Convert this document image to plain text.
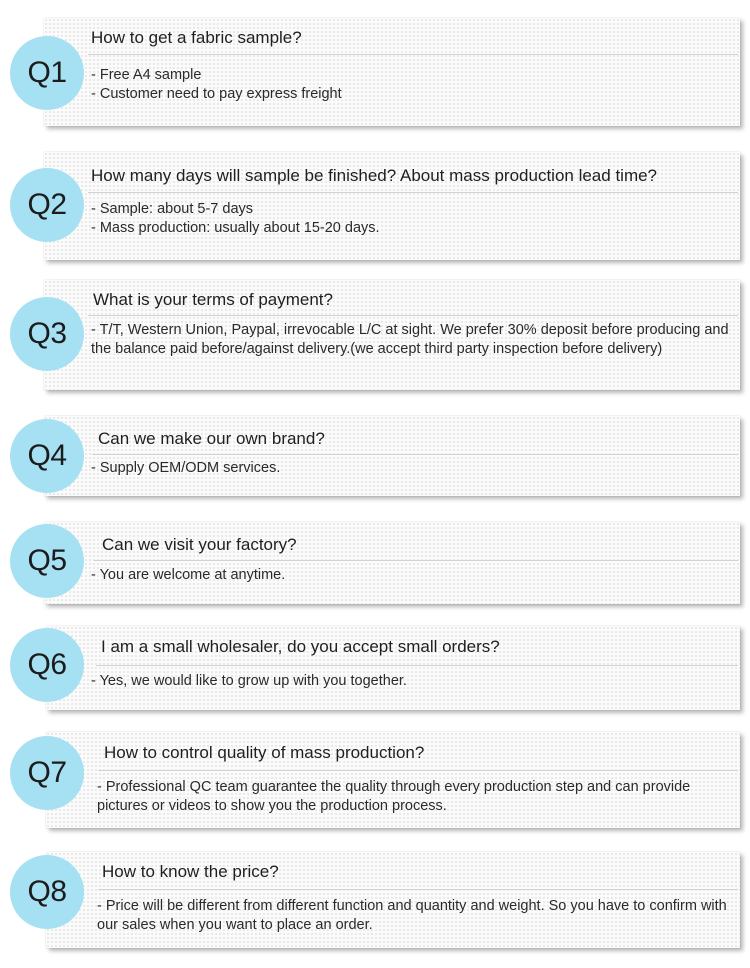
Q1
How to get a fabric sample?
- Free A4 sample
- Customer need to pay express freight
Q2
How many days will sample be finished? About mass production lead time?
- Sample: about 5-7 days
- Mass production: usually about 15-20 days.
Q3
What is your terms of payment?
- T/T, Western Union, Paypal, irrevocable L/C at sight. We prefer 30% deposit before producing and the balance paid before/against delivery.(we accept third party inspection before delivery)
Q4
Can we make our own brand?
- Supply OEM/ODM services.
Q5	Can we visit your factory?
- You are welcome at anytime.
Q6
I am a small wholesaler, do you accept small orders?
- Yes, we would like to grow up with you together.
Q7
How to control quality of mass production?
- Professional QC team guarantee the quality through every production step and can provide pictures or videos to show you the production process.
Q8
How to know the price?
- Price will be different from different function and quantity and weight. So you have to confirm with our sales when you want to place an order.
